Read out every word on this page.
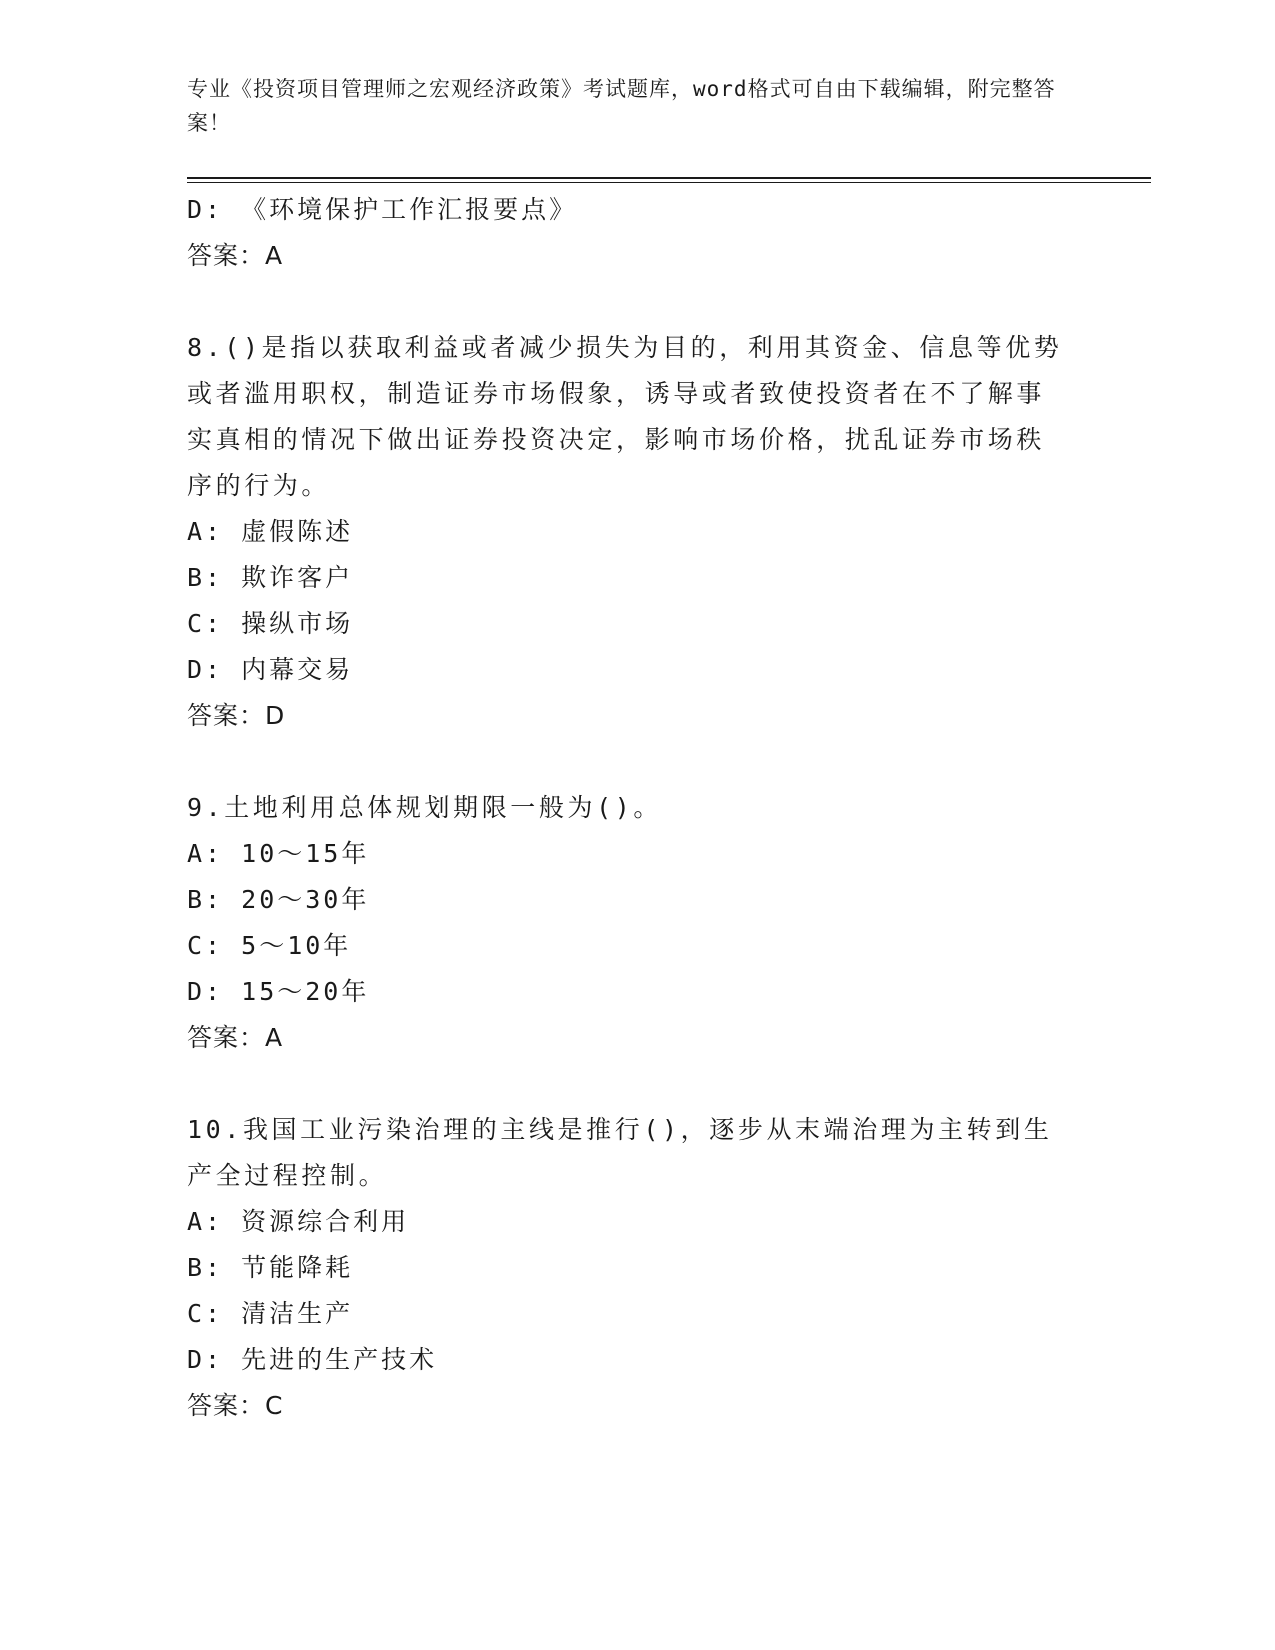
专业《投资项目管理师之宏观经济政策》考试题库，word格式可自由下载编辑，附完整答案！
D: 《环境保护工作汇报要点》
答案：A
8.()是指以获取利益或者减少损失为目的，利用其资金、信息等优势或者滥用职权，制造证券市场假象，诱导或者致使投资者在不了解事实真相的情况下做出证券投资决定，影响市场价格，扰乱证券市场秩序的行为。
A: 虚假陈述
B: 欺诈客户
C: 操纵市场
D: 内幕交易
答案：D
9.土地利用总体规划期限一般为()。
A: 10～15年
B: 20～30年
C: 5～10年
D: 15～20年
答案：A
10.我国工业污染治理的主线是推行()，逐步从末端治理为主转到生产全过程控制。
A: 资源综合利用
B: 节能降耗
C: 清洁生产
D: 先进的生产技术
答案：C
